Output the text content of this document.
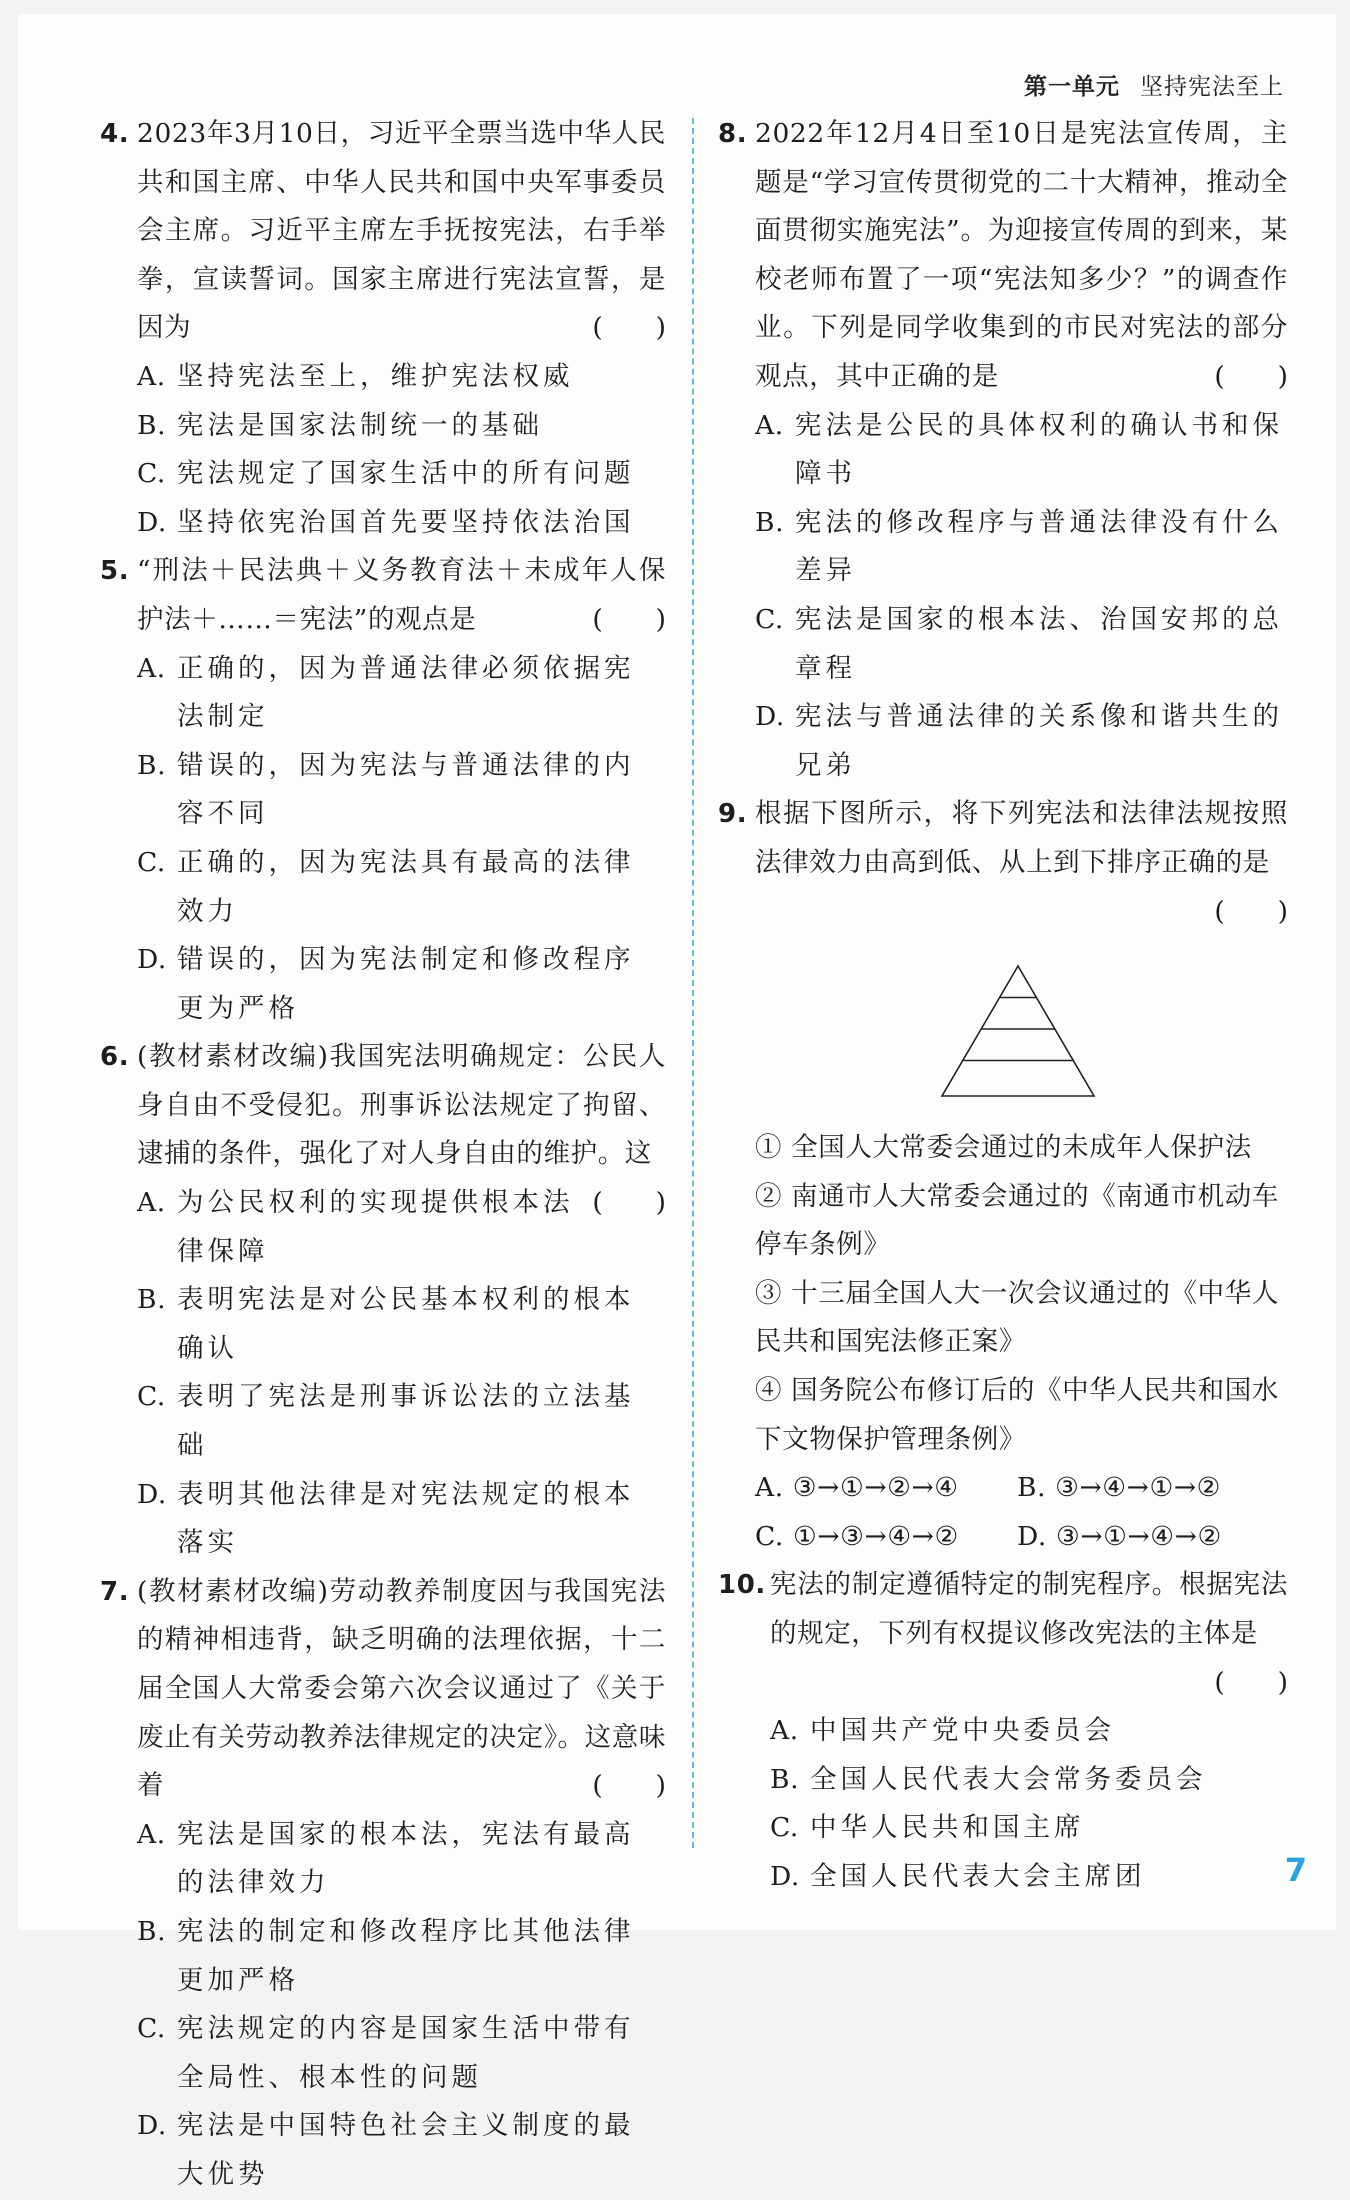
第一单元 坚持宪法至上
4. 2023年3月10日，习近平全票当选中华人民共和国主席、中华人民共和国中央军事委员会主席。习近平主席左手抚按宪法，右手举拳，宣读誓词。国家主席进行宪法宣誓，是因为	(　　)
A. 坚持宪法至上，维护宪法权威
B. 宪法是国家法制统一的基础
C. 宪法规定了国家生活中的所有问题
D. 坚持依宪治国首先要坚持依法治国
5. “刑法＋民法典＋义务教育法＋未成年人保护法＋……＝宪法”的观点是	(　　)
A. 正确的，因为普通法律必须依据宪法制定
B. 错误的，因为宪法与普通法律的内容不同
C. 正确的，因为宪法具有最高的法律效力
D. 错误的，因为宪法制定和修改程序更为严格
6. (教材素材改编)我国宪法明确规定：公民人身自由不受侵犯。刑事诉讼法规定了拘留、逮捕的条件，强化了对人身自由的维护。这
(　　)
A. 为公民权利的实现提供根本法律保障
B. 表明宪法是对公民基本权利的根本确认
C. 表明了宪法是刑事诉讼法的立法基础
D. 表明其他法律是对宪法规定的根本落实
7. (教材素材改编)劳动教养制度因与我国宪法的精神相违背，缺乏明确的法理依据，十二届全国人大常委会第六次会议通过了《关于废止有关劳动教养法律规定的决定》。这意味着	(　　)
A. 宪法是国家的根本法，宪法有最高的法律效力
B. 宪法的制定和修改程序比其他法律更加严格
C. 宪法规定的内容是国家生活中带有全局性、根本性的问题
D. 宪法是中国特色社会主义制度的最大优势
8. 2022年12月4日至10日是宪法宣传周，主题是“学习宣传贯彻党的二十大精神，推动全面贯彻实施宪法”。为迎接宣传周的到来，某校老师布置了一项“宪法知多少？”的调查作业。下列是同学收集到的市民对宪法的部分观点，其中正确的是	(　　)
A. 宪法是公民的具体权利的确认书和保障书
B. 宪法的修改程序与普通法律没有什么差异
C. 宪法是国家的根本法、治国安邦的总章程
D. 宪法与普通法律的关系像和谐共生的兄弟
9. 根据下图所示，将下列宪法和法律法规按照法律效力由高到低、从上到下排序正确的是
(　　)
① 全国人大常委会通过的未成年人保护法
② 南通市人大常委会通过的《南通市机动车停车条例》
③ 十三届全国人大一次会议通过的《中华人民共和国宪法修正案》
④ 国务院公布修订后的《中华人民共和国水下文物保护管理条例》
A. ③→①→②→④	B. ③→④→①→②
C. ①→③→④→②	D. ③→①→④→②
10. 宪法的制定遵循特定的制宪程序。根据宪法的规定，下列有权提议修改宪法的主体是
(　　)
A. 中国共产党中央委员会
B. 全国人民代表大会常务委员会
C. 中华人民共和国主席
D. 全国人民代表大会主席团	7
